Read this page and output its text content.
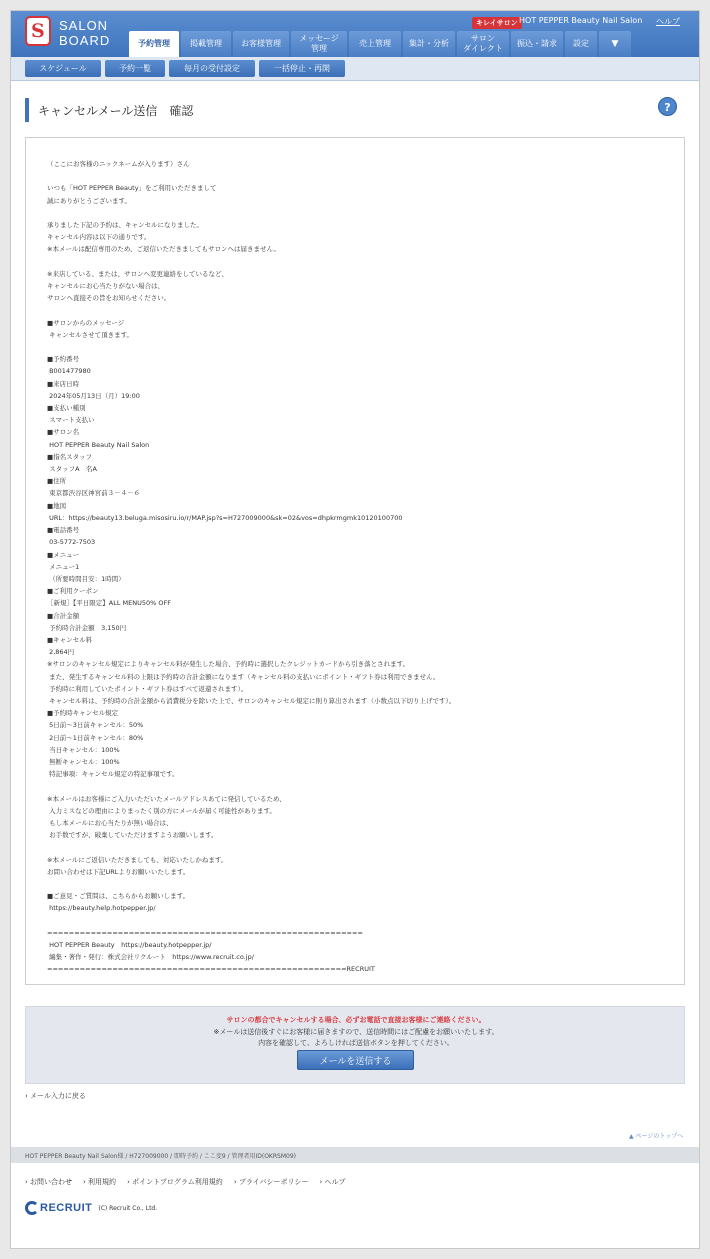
S SALON
BOARD
キレイサロン HOT PEPPER Beauty Nail Salon ヘルプ
予約管理	掲載管理	お客様管理
メッセージ
管理
売上管理	集計・分析
サロン
ダイレクト
振込・請求	設定	▼
スケジュール	予約一覧	毎月の受付設定	一括停止・再開
キャンセルメール送信　確認	?
（ここにお客様のニックネームが入ります）さん

いつも「HOT PEPPER Beauty」をご利用いただきまして
誠にありがとうございます。

承りました下記の予約は、キャンセルになりました。
キャンセル内容は以下の通りです。
※本メールは配信専用のため、ご返信いただきましてもサロンへは届きません。

※来店している、または、サロンへ変更連絡をしているなど、
キャンセルにお心当たりがない場合は、
サロンへ直接その旨をお知らせください。

■サロンからのメッセージ
キャンセルさせて頂きます。

■予約番号
B001477980
■来店日時
2024年05月13日（月）19:00
■支払い種別
スマート支払い
■サロン名
HOT PEPPER Beauty Nail Salon
■指名スタッフ
スタッフA　名A
■住所
東京都渋谷区神宮前３－４－６
■地図
URL：https://beauty13.beluga.misosiru.io/r/MAP.jsp?s=H727009000&sk=02&vos=dhpkrmgmk10120100700
■電話番号
03-5772-7503
■メニュー
メニュー1
（所要時間目安：1時間）
■ご利用クーポン
［新規］【平日限定】ALL MENU50% OFF
■合計金額
予約時合計金額　3,150円
■キャンセル料
2,864円
※サロンのキャンセル規定によりキャンセル料が発生した場合、予約時に選択したクレジットカードから引き落とされます。
また、発生するキャンセル料の上限は予約時の合計金額になります（キャンセル料の支払いにポイント・ギフト券は利用できません。
予約時に利用していたポイント・ギフト券はすべて返還されます）。
キャンセル料は、予約時の合計金額から消費税分を除いた上で、サロンのキャンセル規定に則り算出されます（小数点以下切り上げです）。
■予約時キャンセル規定
5日前～3日前キャンセル：50%
2日前～1日前キャンセル：80%
当日キャンセル：100%
無断キャンセル：100%
特記事項：キャンセル規定の特記事項です。

※本メールはお客様にご入力いただいたメールアドレスあてに発信しているため、
入力ミスなどの理由によりまったく別の方にメールが届く可能性があります。
もし本メールにお心当たりが無い場合は、
お手数ですが、破棄していただけますようお願いします。

※本メールにご返信いただきましても、対応いたしかねます。
お問い合わせは下記URLよりお願いいたします。

■ご意見・ご質問は、こちらからお願いします。
https://beauty.help.hotpepper.jp/

==========================================================
HOT PEPPER Beauty　https://beauty.hotpepper.jp/
編集・著作・発行：株式会社リクルート　https://www.recruit.co.jp/
=======================================================RECRUIT
サロンの都合でキャンセルする場合、必ずお電話で直接お客様にご連絡ください。
※メールは送信後すぐにお客様に届きますので、送信時間にはご配慮をお願いいたします。
内容を確認して、よろしければ送信ボタンを押してください。
メールを送信する
› メール入力に戻る
▲ ページのトップへ
HOT PEPPER Beauty Nail Salon様 / H727009000 / 即時予約 / ここ変9 / 管理者用ID(OKRSM09)
› お問い合わせ › 利用規約 › ポイントプログラム利用規約 › プライバシーポリシー › ヘルプ
RECRUIT (C) Recruit Co., Ltd.
